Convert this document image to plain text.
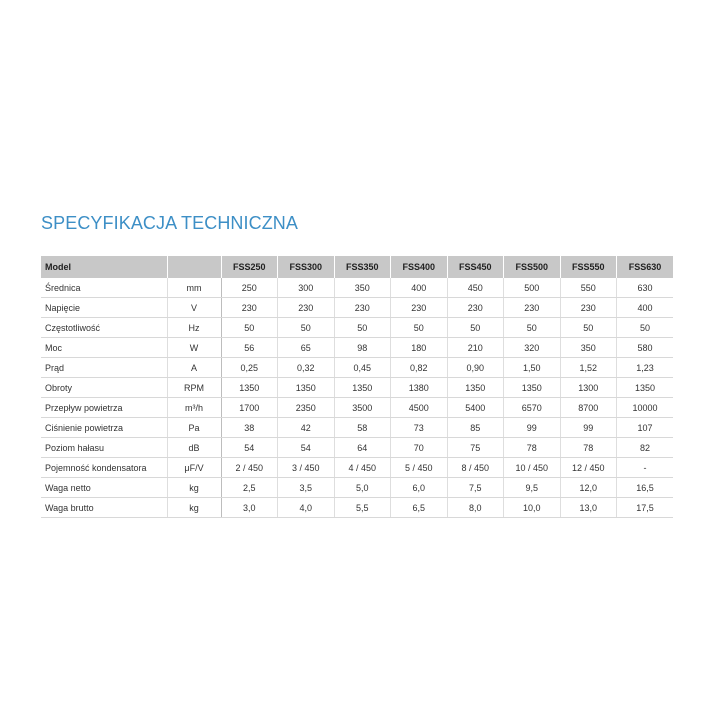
SPECYFIKACJA TECHNICZNA
Model		FSS250	FSS300	FSS350	FSS400	FSS450	FSS500	FSS550	FSS630
Średnica	mm	250	300	350	400	450	500	550	630
Napięcie	V	230	230	230	230	230	230	230	400
Częstotliwość	Hz	50	50	50	50	50	50	50	50
Moc	W	56	65	98	180	210	320	350	580
Prąd	A	0,25	0,32	0,45	0,82	0,90	1,50	1,52	1,23
Obroty	RPM	1350	1350	1350	1380	1350	1350	1300	1350
Przepływ powietrza	m³/h	1700	2350	3500	4500	5400	6570	8700	10000
Ciśnienie powietrza	Pa	38	42	58	73	85	99	99	107
Poziom hałasu	dB	54	54	64	70	75	78	78	82
Pojemność kondensatora	μF/V	2 / 450	3 / 450	4 / 450	5 / 450	8 / 450	10 / 450	12 / 450	-
Waga netto	kg	2,5	3,5	5,0	6,0	7,5	9,5	12,0	16,5
Waga brutto	kg	3,0	4,0	5,5	6,5	8,0	10,0	13,0	17,5
